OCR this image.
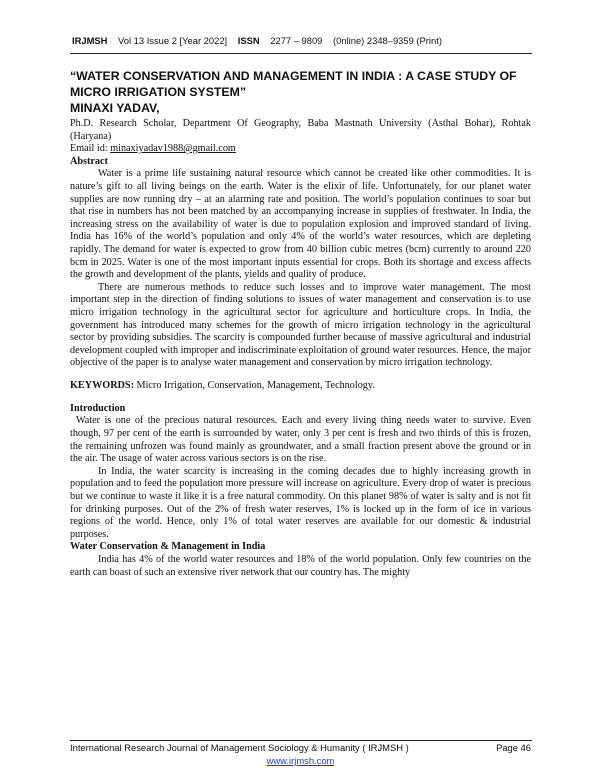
IRJMSH Vol 13 Issue 2 [Year 2022] ISSN 2277 – 9809 (0nline) 2348–9359 (Print)

“WATER CONSERVATION AND MANAGEMENT IN INDIA : A CASE STUDY OF MICRO IRRIGATION SYSTEM”

MINAXI YADAV,

Ph.D. Research Scholar, Department Of Geography, Baba Mastnath University (Asthal Bohar), Rohtak (Haryana)

Email id: minaxiyadav1988@gmail.com

Abstract

Water is a prime life sustaining natural resource which cannot be created like other commodities. It is nature’s gift to all living beings on the earth. Water is the elixir of life. Unfortunately, for our planet water supplies are now running dry – at an alarming rate and position. The world’s population continues to soar but that rise in numbers has not been matched by an accompanying increase in supplies of freshwater. In India, the increasing stress on the availability of water is due to population explosion and improved standard of living. India has 16% of the world’s population and only 4% of the world’s water resources, which are depleting rapidly. The demand for water is expected to grow from 40 billion cubic metres (bcm) currently to around 220 bcm in 2025. Water is one of the most important inputs essential for crops. Both its shortage and excess affects the growth and development of the plants, yields and quality of produce.

There are numerous methods to reduce such losses and to improve water management. The most important step in the direction of finding solutions to issues of water management and conservation is to use micro irrigation technology in the agricultural sector for agriculture and horticulture crops. In India, the government has introduced many schemes for the growth of micro irrigation technology in the agricultural sector by providing subsidies. The scarcity is compounded further because of massive agricultural and industrial development coupled with improper and indiscriminate exploitation of ground water resources. Hence, the major objective of the paper is to analyse water management and conservation by micro irrigation technology.

KEYWORDS: Micro Irrigation, Conservation, Management, Technology.

Introduction

Water is one of the precious natural resources. Each and every living thing needs water to survive. Even though, 97 per cent of the earth is surrounded by water, only 3 per cent is fresh and two thirds of this is frozen, the remaining unfrozen was found mainly as groundwater, and a small fraction present above the ground or in the air. The usage of water across various sectors is on the rise.

In India, the water scarcity is increasing in the coming decades due to highly increasing growth in population and to feed the population more pressure will increase on agriculture. Every drop of water is precious but we continue to waste it like it is a free natural commodity. On this planet 98% of water is salty and is not fit for drinking purposes. Out of the 2% of fresh water reserves, 1% is locked up in the form of ice in various regions of the world. Hence, only 1% of total water reserves are available for our domestic & industrial purposes.

Water Conservation & Management in India

India has 4% of the world water resources and 18% of the world population. Only few countries on the earth can boast of such an extensive river network that our country has. The mighty

International Research Journal of Management Sociology & Humanity ( IRJMSH )	Page 46
www.irjmsh.com
